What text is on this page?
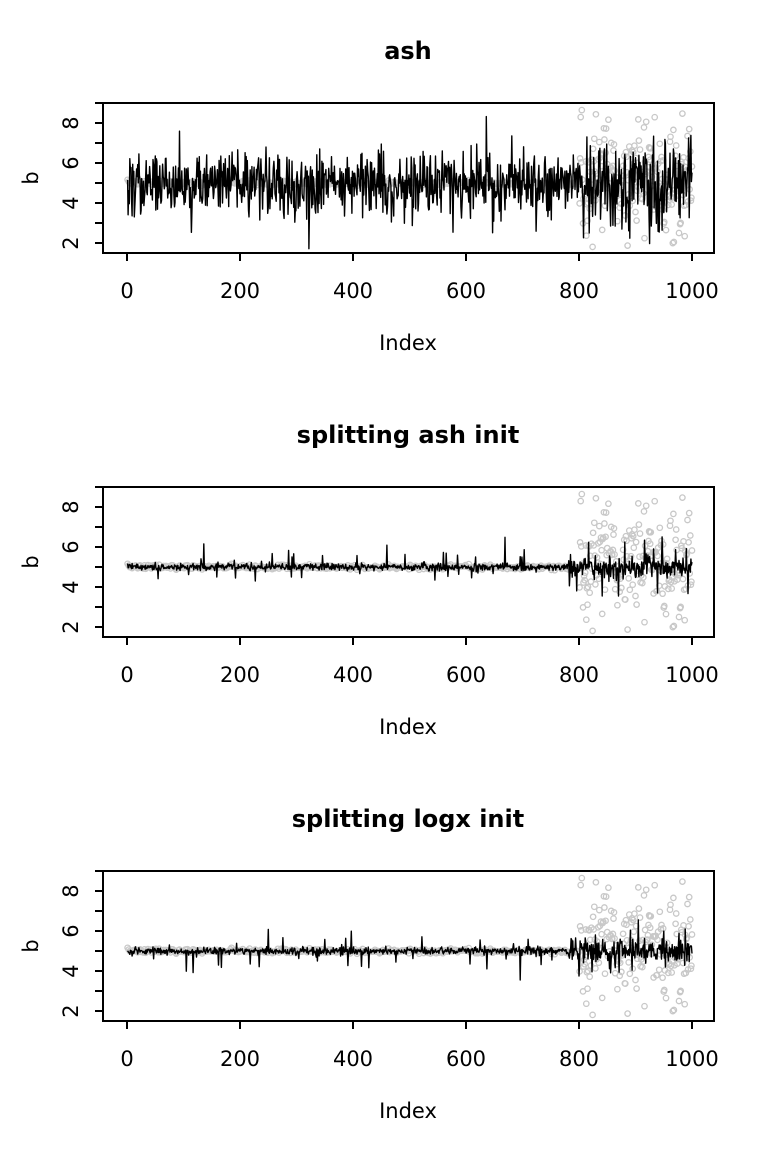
0	200	400	600	800	1000
2
4
6
8
ash
Index
b
0	200	400	600	800	1000
2
4
6
8
splitting ash init
Index
b
0	200	400	600	800	1000
2
4
6
8
splitting logx init
Index
b
